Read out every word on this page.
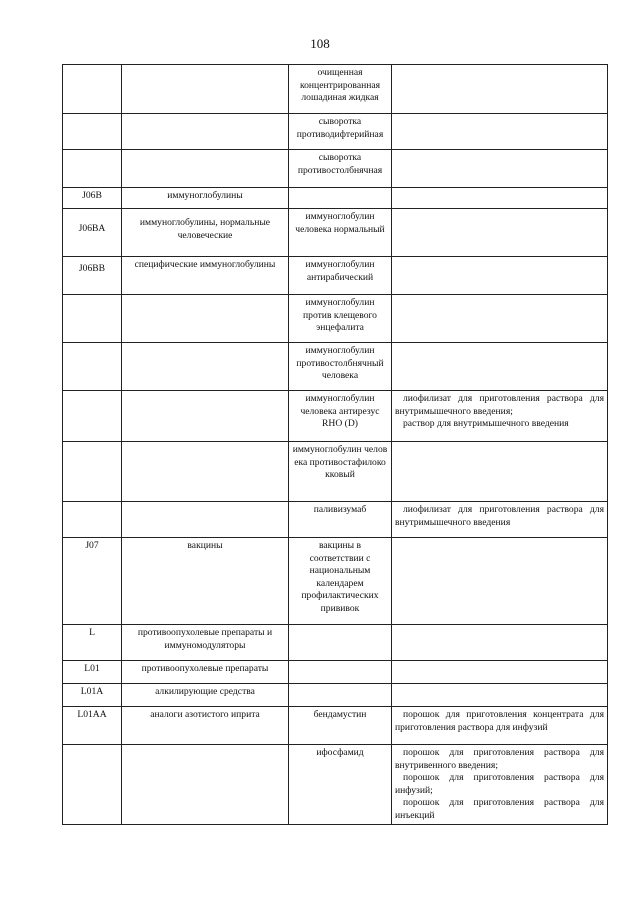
108
		очищенная концентрированная лошадиная жидкая	
		сыворотка противодифтерийная	
		сыворотка противостолбнячная	
J06B	иммуноглобулины		
J06BA	иммуноглобулины, нормальные человеческие	иммуноглобулин человека нормальный	
J06BB	специфические иммуноглобулины	иммуноглобулин антирабический	
		иммуноглобулин против клещевого энцефалита	
		иммуноглобулин противостолбнячный человека	
		иммуноглобулин человека антирезус RHO (D)	лиофилизат для приготовления раствора для внутримышечного введения;
раствор для внутримышечного введения

		иммуноглобулин человека противостафилококковый	
		паливизумаб	лиофилизат для приготовления раствора для внутримышечного введения

J07	вакцины	вакцины в соответствии с национальным календарем профилактических прививок	
L	противоопухолевые препараты и иммуномодуляторы		
L01	противоопухолевые препараты		
L01A	алкилирующие средства		
L01AA	аналоги азотистого иприта	бендамустин	порошок для приготовления концентрата для приготовления раствора для инфузий

		ифосфамид	порошок для приготовления раствора для внутривенного введения;
порошок для приготовления раствора для инфузий;
порошок для приготовления раствора для инъекций
